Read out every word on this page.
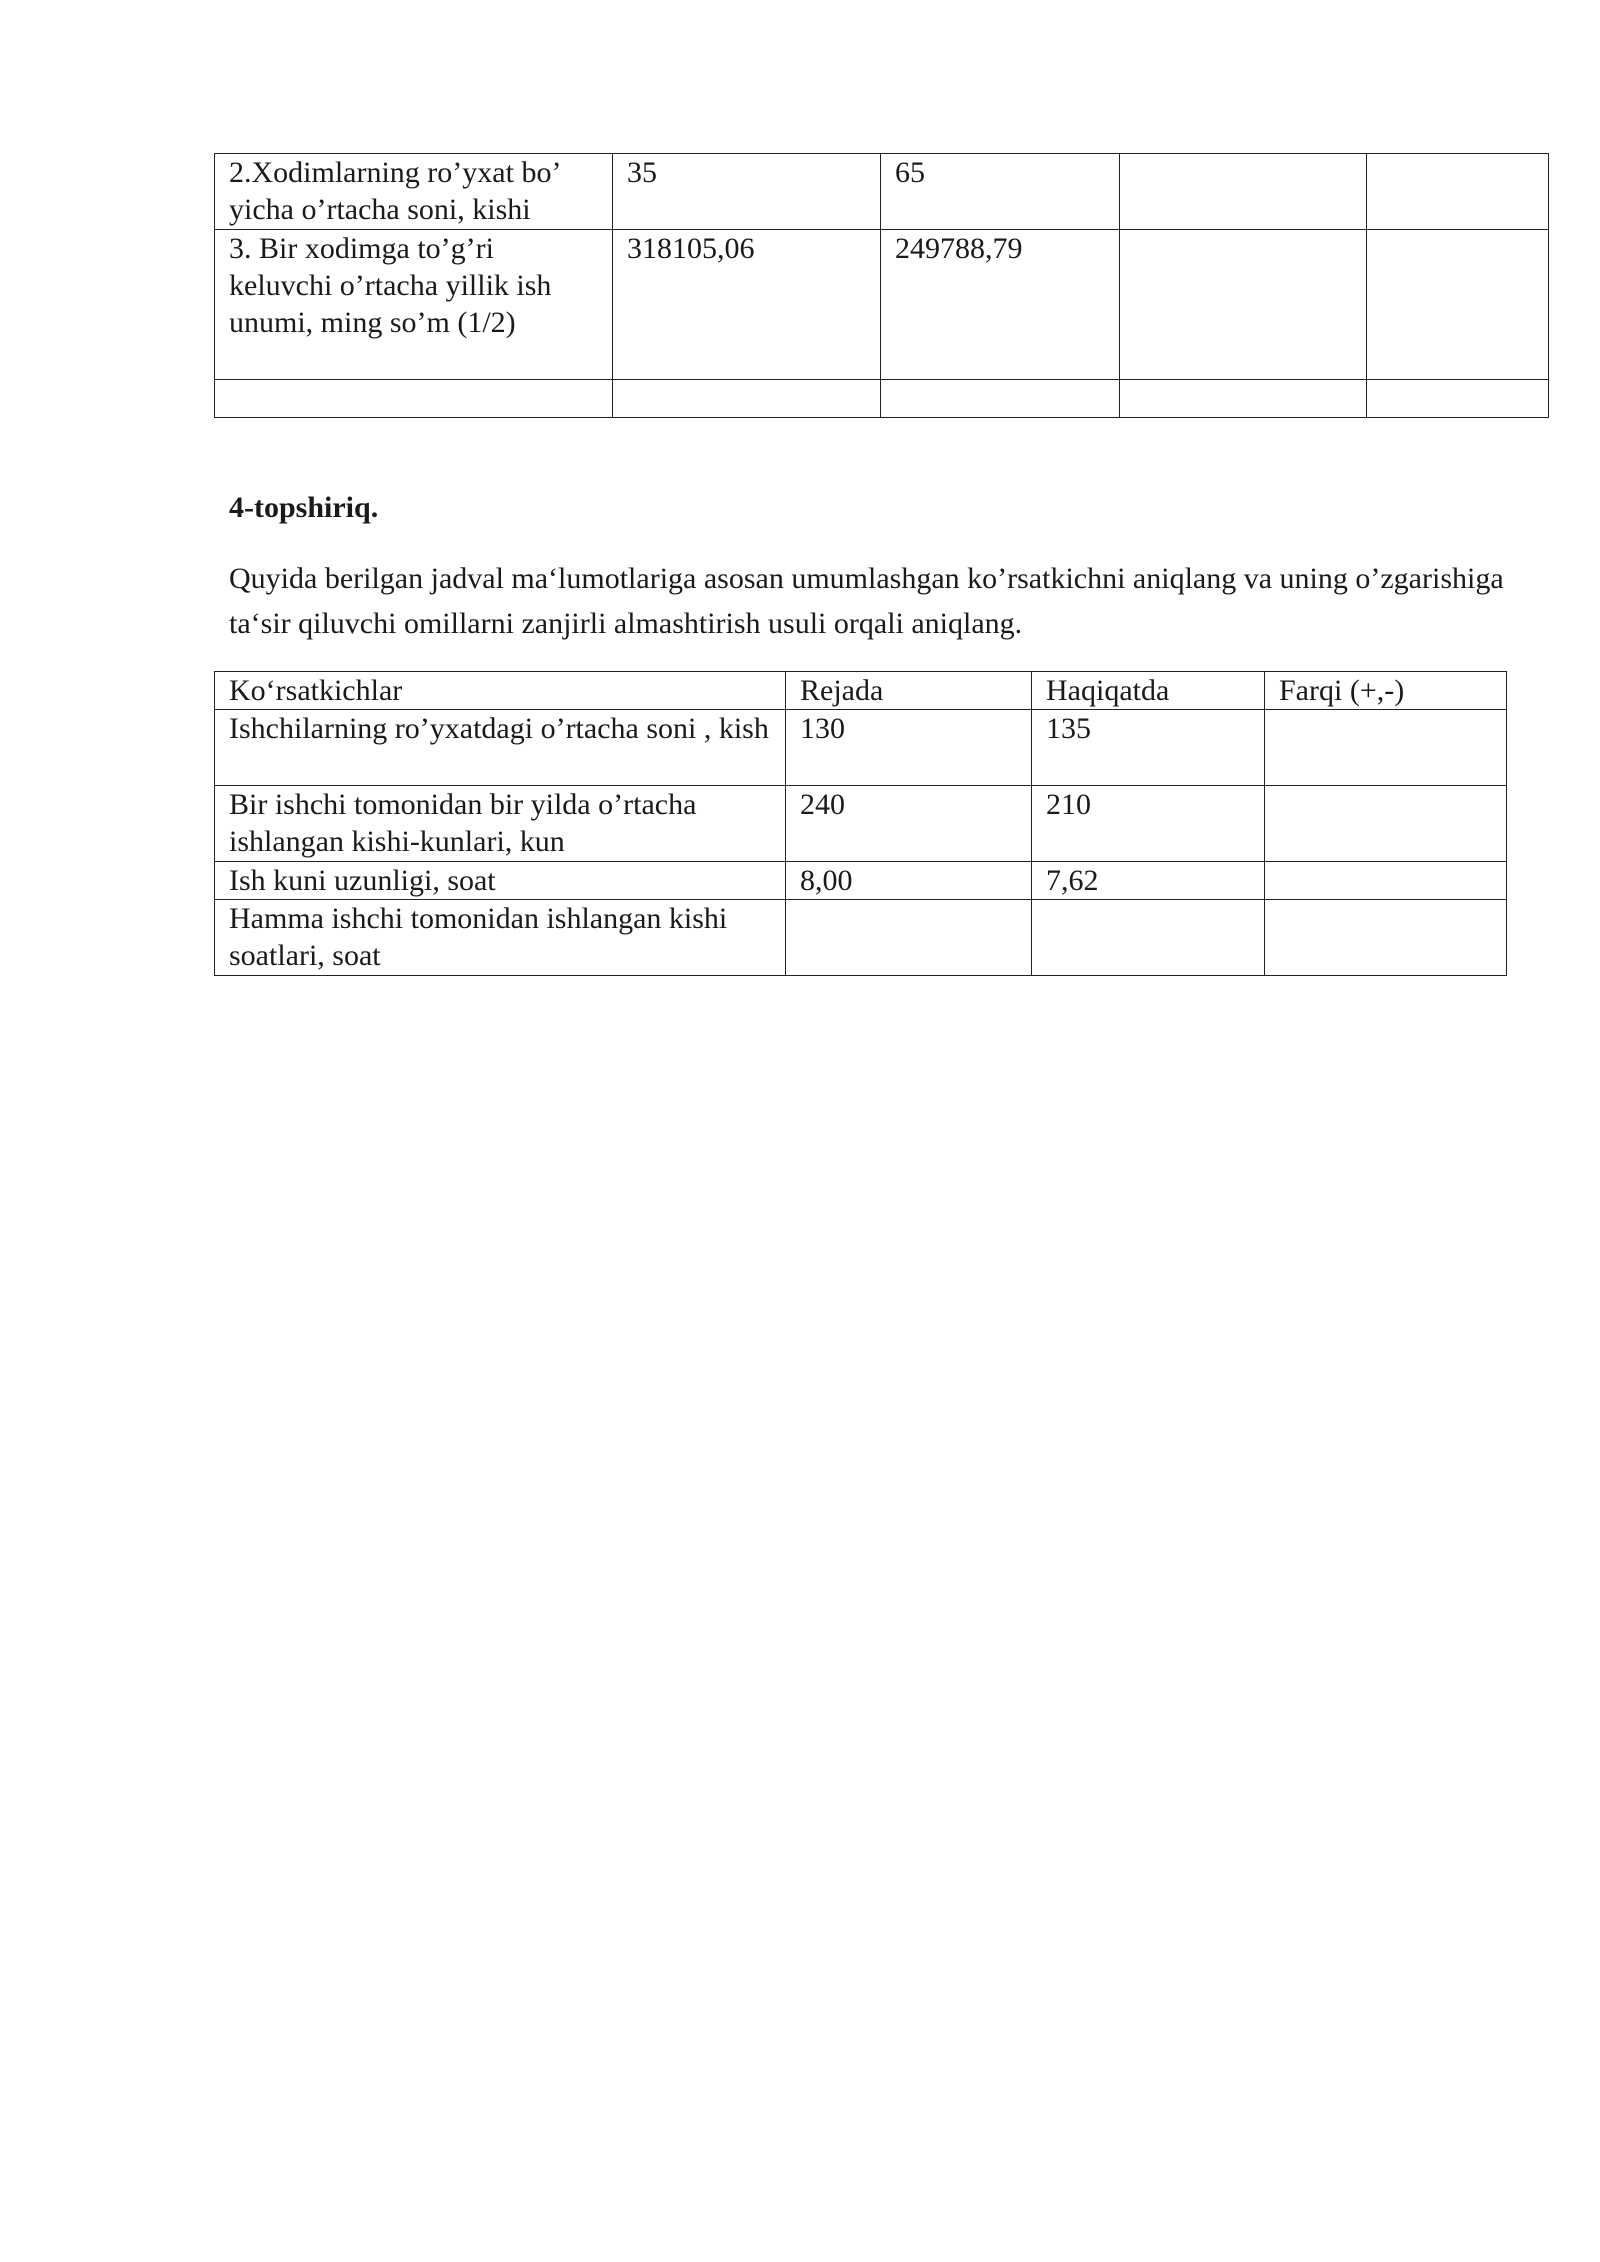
2.Xodimlarning ro’yxat bo’ yicha o’rtacha soni, kishi	35	65		
3. Bir xodimga to’g’ri keluvchi o’rtacha yillik ish unumi, ming so’m (1/2)	318105,06	249788,79		

4-topshiriq.
Quyida berilgan jadval ma‘lumotlariga asosan umumlashgan ko’rsatkichni aniqlang va uning o’zgarishiga ta‘sir qiluvchi omillarni zanjirli almashtirish usuli orqali aniqlang.
Ko‘rsatkichlar	Rejada	Haqiqatda	Farqi (+,-)
Ishchilarning ro’yxatdagi o’rtacha soni , kish	130	135	
Bir ishchi tomonidan bir yilda o’rtacha ishlangan kishi-kunlari, kun	240	210	
Ish kuni uzunligi, soat	8,00	7,62	
Hamma ishchi tomonidan ishlangan kishi soatlari, soat			
